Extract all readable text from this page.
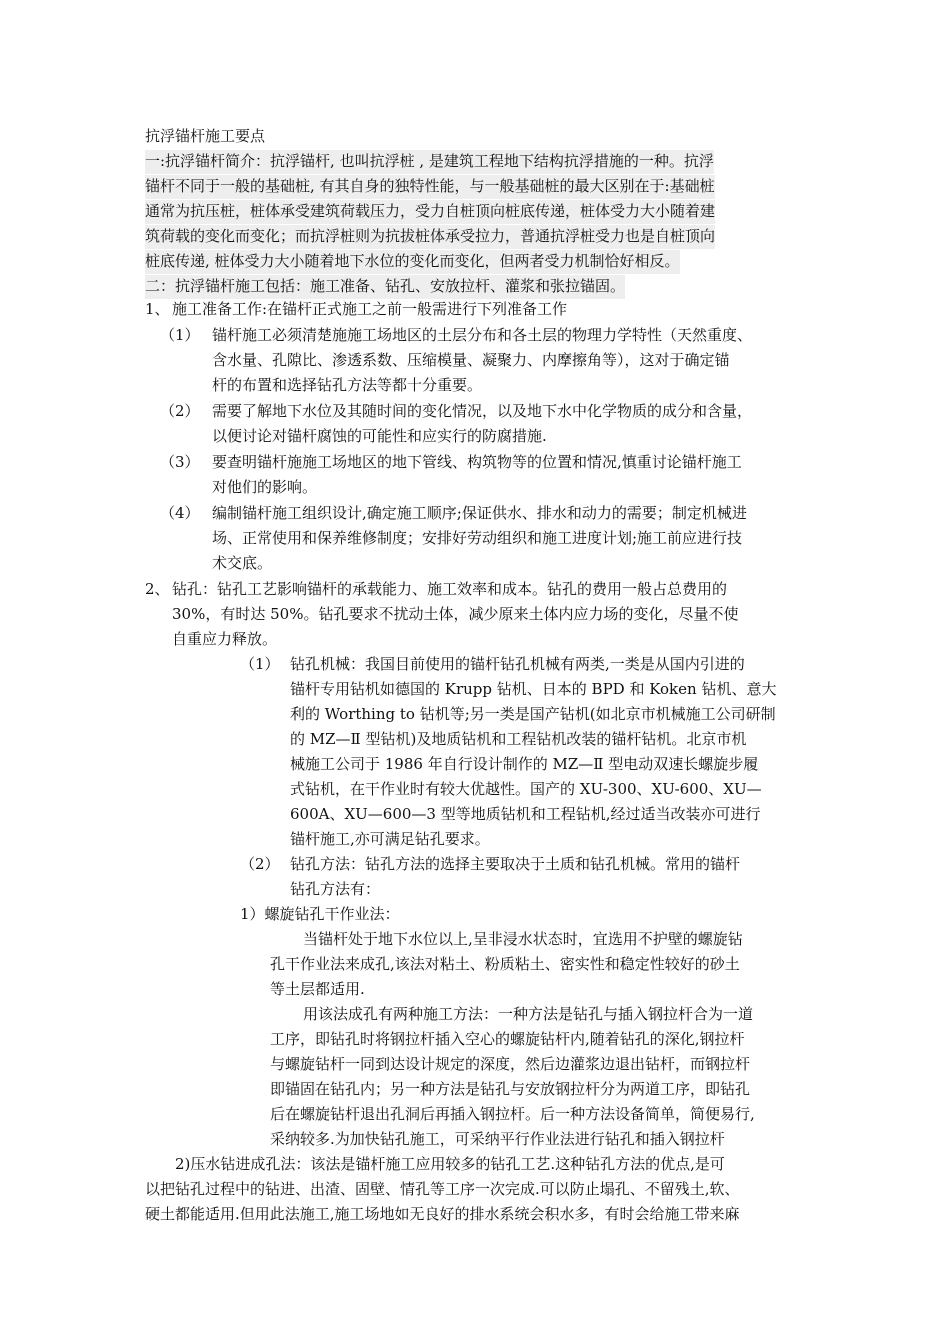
抗浮锚杆施工要点
一:抗浮锚杆简介：抗浮锚杆, 也叫抗浮桩 , 是建筑工程地下结构抗浮措施的一种。抗浮
锚杆不同于一般的基础桩, 有其自身的独特性能，与一般基础桩的最大区别在于:基础桩
通常为抗压桩，桩体承受建筑荷载压力，受力自桩顶向桩底传递，桩体受力大小随着建
筑荷载的变化而变化；而抗浮桩则为抗拔桩体承受拉力，普通抗浮桩受力也是自桩顶向
桩底传递, 桩体受力大小随着地下水位的变化而变化，但两者受力机制恰好相反。
二：抗浮锚杆施工包括：施工准备、钻孔、安放拉杆、灌浆和张拉锚固。
1、 施工准备工作:在锚杆正式施工之前一般需进行下列准备工作
（1） 锚杆施工必须清楚施施工场地区的土层分布和各土层的物理力学特性（天然重度、
含水量、孔隙比、渗透系数、压缩模量、凝聚力、内摩擦角等），这对于确定锚
杆的布置和选择钻孔方法等都十分重要。
（2） 需要了解地下水位及其随时间的变化情况，以及地下水中化学物质的成分和含量，
以便讨论对锚杆腐蚀的可能性和应实行的防腐措施.
（3） 要查明锚杆施施工场地区的地下管线、构筑物等的位置和情况,慎重讨论锚杆施工
对他们的影响。
（4） 编制锚杆施工组织设计,确定施工顺序;保证供水、排水和动力的需要；制定机械进
场、正常使用和保养维修制度；安排好劳动组织和施工进度计划;施工前应进行技
术交底。
2、 钻孔：钻孔工艺影响锚杆的承载能力、施工效率和成本。钻孔的费用一般占总费用的
30%，有时达 50%。钻孔要求不扰动土体，减少原来土体内应力场的变化，尽量不使
自重应力释放。
（1） 钻孔机械：我国目前使用的锚杆钻孔机械有两类,一类是从国内引进的
锚杆专用钻机如德国的 Krupp 钻机、日本的 BPD 和 Koken 钻机、意大
利的 Worthing to 钻机等;另一类是国产钻机(如北京市机械施工公司研制
的 MZ—Ⅱ 型钻机)及地质钻机和工程钻机改装的锚杆钻机。北京市机
械施工公司于 1986 年自行设计制作的 MZ—Ⅱ 型电动双速长螺旋步履
式钻机，在干作业时有较大优越性。国产的 XU-300、XU-600、XU—
600A、XU—600—3 型等地质钻机和工程钻机,经过适当改装亦可进行
锚杆施工,亦可满足钻孔要求。
（2） 钻孔方法：钻孔方法的选择主要取决于土质和钻孔机械。常用的锚杆
钻孔方法有：
1）螺旋钻孔干作业法：
当锚杆处于地下水位以上,呈非浸水状态时，宜选用不护壁的螺旋钻
孔干作业法来成孔,该法对粘土、粉质粘土、密实性和稳定性较好的砂土
等土层都适用.
用该法成孔有两种施工方法：一种方法是钻孔与插入钢拉杆合为一道
工序，即钻孔时将钢拉杆插入空心的螺旋钻杆内,随着钻孔的深化,钢拉杆
与螺旋钻杆一同到达设计规定的深度，然后边灌浆边退出钻杆，而钢拉杆
即锚固在钻孔内；另一种方法是钻孔与安放钢拉杆分为两道工序，即钻孔
后在螺旋钻杆退出孔洞后再插入钢拉杆。后一种方法设备简单，简便易行,
采纳较多.为加快钻孔施工，可采纳平行作业法进行钻孔和插入钢拉杆
2)压水钻进成孔法：该法是锚杆施工应用较多的钻孔工艺.这种钻孔方法的优点,是可
以把钻孔过程中的钻进、出渣、固壁、情孔等工序一次完成.可以防止塌孔、不留残土,软、
硬土都能适用.但用此法施工,施工场地如无良好的排水系统会积水多，有时会给施工带来麻
